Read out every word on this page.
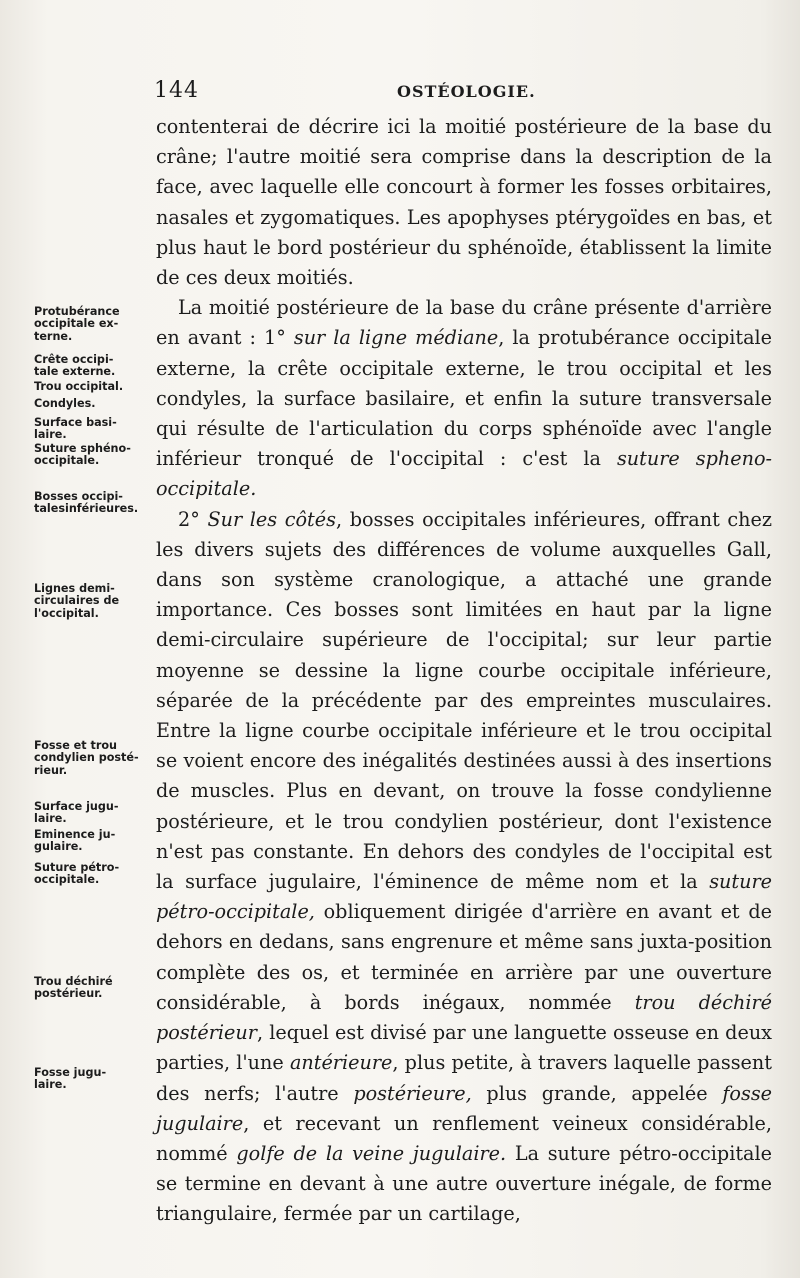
144	OSTÉOLOGIE.
Protubérance
occipitale ex-
terne.
Crête occipi-
tale externe.
Trou occipital.
Condyles.
Surface basi-
laire.
Suture sphéno-
occipitale.
Bosses occipi-
talesinférieures.
Lignes demi-
circulaires de
l'occipital.
Fosse et trou
condylien posté-
rieur.
Surface jugu-
laire.
Eminence ju-
gulaire.
Suture pétro-
occipitale.
Trou déchiré
postérieur.
Fosse jugu-
laire.

contenterai de décrire ici la moitié postérieure de la base du crâne; l'autre moitié sera comprise dans la description de la face, avec laquelle elle concourt à former les fosses orbitaires, nasales et zygomatiques. Les apophyses ptérygoïdes en bas, et plus haut le bord postérieur du sphénoïde, établissent la limite de ces deux moitiés.

La moitié postérieure de la base du crâne présente d'arrière en avant : 1° sur la ligne médiane, la protubérance occipitale externe, la crête occipitale externe, le trou occipital et les condyles, la surface basilaire, et enfin la suture transversale qui résulte de l'articulation du corps sphénoïde avec l'angle inférieur tronqué de l'occipital : c'est la suture spheno-occipitale.

2° Sur les côtés, bosses occipitales inférieures, offrant chez les divers sujets des différences de volume auxquelles Gall, dans son système cranologique, a attaché une grande importance. Ces bosses sont limitées en haut par la ligne demi-circulaire supérieure de l'occipital; sur leur partie moyenne se dessine la ligne courbe occipitale inférieure, séparée de la précédente par des empreintes musculaires. Entre la ligne courbe occipitale inférieure et le trou occipital se voient encore des inégalités destinées aussi à des insertions de muscles. Plus en devant, on trouve la fosse condylienne postérieure, et le trou condylien postérieur, dont l'existence n'est pas constante. En dehors des condyles de l'occipital est la surface jugulaire, l'éminence de même nom et la suture pétro-occipitale, obliquement dirigée d'arrière en avant et de dehors en dedans, sans engrenure et même sans juxta-position complète des os, et terminée en arrière par une ouverture considérable, à bords inégaux, nommée trou déchiré postérieur, lequel est divisé par une languette osseuse en deux parties, l'une antérieure, plus petite, à travers laquelle passent des nerfs; l'autre postérieure, plus grande, appelée fosse jugulaire, et recevant un renflement veineux considérable, nommé golfe de la veine jugulaire. La suture pétro-occipitale se termine en devant à une autre ouverture inégale, de forme triangulaire, fermée par un cartilage,
